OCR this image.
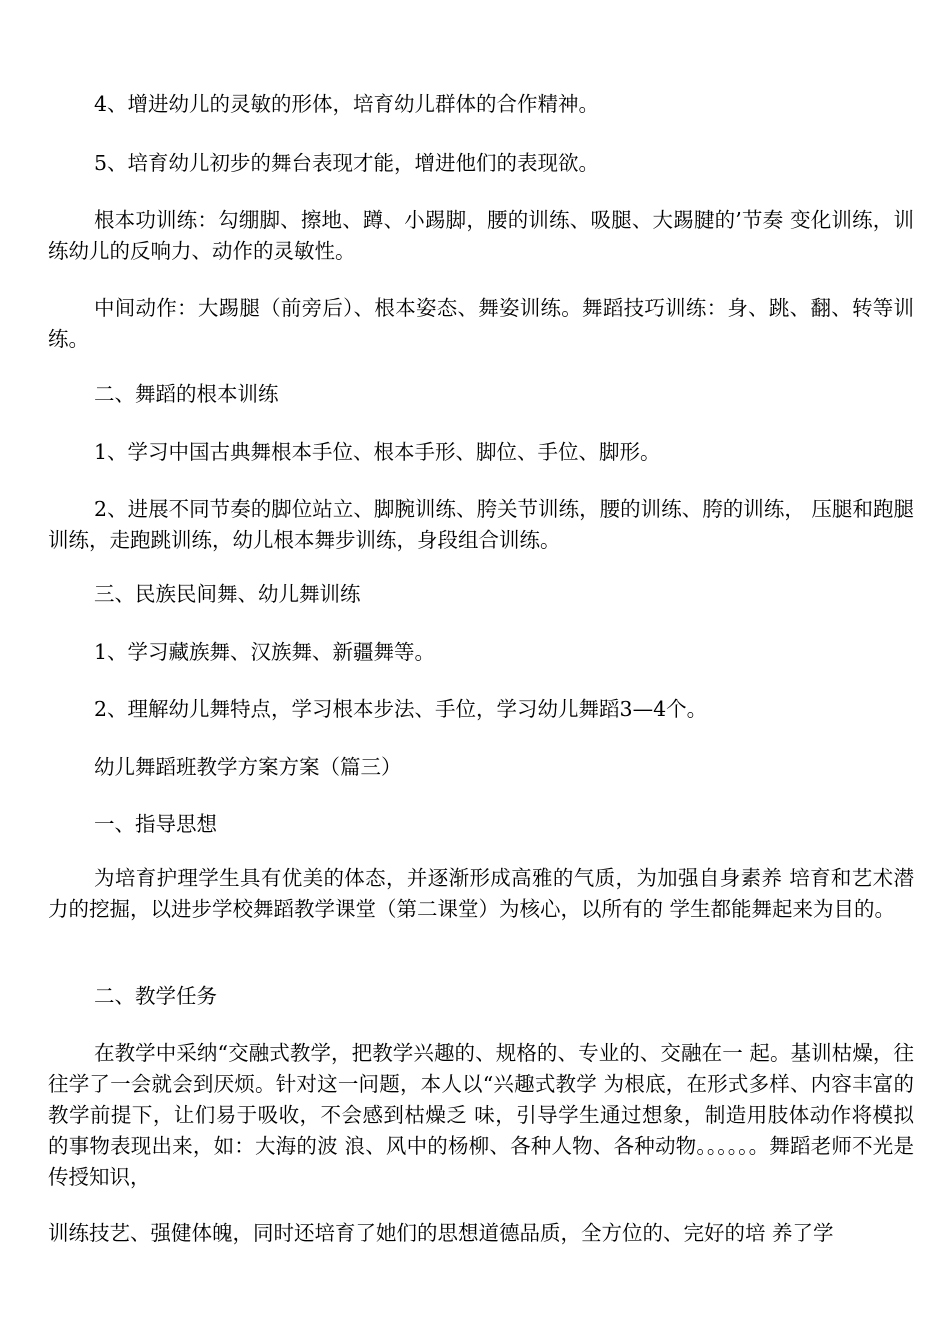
4、增进幼儿的灵敏的形体，培育幼儿群体的合作精神。

5、培育幼儿初步的舞台表现才能，增进他们的表现欲。

根本功训练：勾绷脚、擦地、蹲、小踢脚，腰的训练、吸腿、大踢腱的’节奏 变化训练，训练幼儿的反响力、动作的灵敏性。

中间动作：大踢腿（前旁后）、根本姿态、舞姿训练。舞蹈技巧训练：身、跳、翻、转等训练。

二、舞蹈的根本训练

1、学习中国古典舞根本手位、根本手形、脚位、手位、脚形。

2、进展不同节奏的脚位站立、脚腕训练、胯关节训练，腰的训练、胯的训练， 压腿和跑腿训练，走跑跳训练，幼儿根本舞步训练，身段组合训练。

三、民族民间舞、幼儿舞训练

1、学习藏族舞、汉族舞、新疆舞等。

2、理解幼儿舞特点，学习根本步法、手位，学习幼儿舞蹈3—4个。

幼儿舞蹈班教学方案方案（篇三）

一、指导思想

为培育护理学生具有优美的体态，并逐渐形成高雅的气质，为加强自身素养 培育和艺术潜力的挖掘，以进步学校舞蹈教学课堂（第二课堂）为核心，以所有的 学生都能舞起来为目的。

二、教学任务

在教学中采纳“交融式教学，把教学兴趣的、规格的、专业的、交融在一 起。基训枯燥，往往学了一会就会到厌烦。针对这一问题，本人以“兴趣式教学 为根底，在形式多样、内容丰富的教学前提下，让们易于吸收，不会感到枯燥乏 味，引导学生通过想象，制造用肢体动作将模拟的事物表现出来，如：大海的波 浪、风中的杨柳、各种人物、各种动物。。。。。。舞蹈老师不光是传授知识，

训练技艺、强健体魄，同时还培育了她们的思想道德品质，全方位的、完好的培 养了学
